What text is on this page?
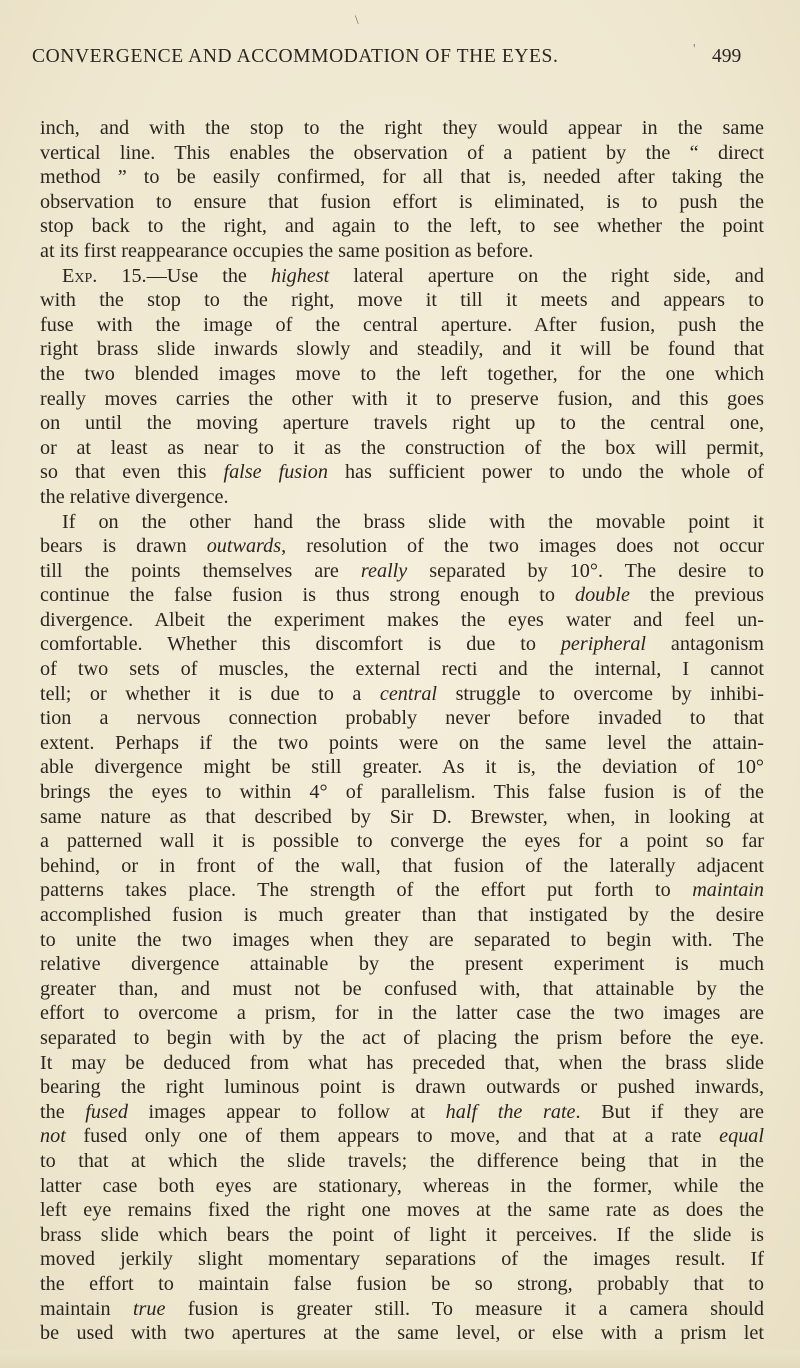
\
CONVERGENCE AND ACCOMMODATION OF THE EYES.	' 499
inch, and with the stop to the right they would appear in the same
vertical line. This enables the observation of a patient by the “ direct
method ” to be easily confirmed, for all that is, needed after taking the
observation to ensure that fusion effort is eliminated, is to push the
stop back to the right, and again to the left, to see whether the point
at its first reappearance occupies the same position as before.
Exp. 15.—Use the highest lateral aperture on the right side, and
with the stop to the right, move it till it meets and appears to
fuse with the image of the central aperture. After fusion, push the
right brass slide inwards slowly and steadily, and it will be found that
the two blended images move to the left together, for the one which
really moves carries the other with it to preserve fusion, and this goes
on until the moving aperture travels right up to the central one,
or at least as near to it as the construction of the box will permit,
so that even this false fusion has sufficient power to undo the whole of
the relative divergence.
If on the other hand the brass slide with the movable point it
bears is drawn outwards, resolution of the two images does not occur
till the points themselves are really separated by 10°. The desire to
continue the false fusion is thus strong enough to double the previous
divergence. Albeit the experiment makes the eyes water and feel un-
comfortable. Whether this discomfort is due to peripheral antagonism
of two sets of muscles, the external recti and the internal, I cannot
tell; or whether it is due to a central struggle to overcome by inhibi-
tion a nervous connection probably never before invaded to that
extent. Perhaps if the two points were on the same level the attain-
able divergence might be still greater. As it is, the deviation of 10°
brings the eyes to within 4° of parallelism. This false fusion is of the
same nature as that described by Sir D. Brewster, when, in looking at
a patterned wall it is possible to converge the eyes for a point so far
behind, or in front of the wall, that fusion of the laterally adjacent
patterns takes place. The strength of the effort put forth to maintain
accomplished fusion is much greater than that instigated by the desire
to unite the two images when they are separated to begin with. The
relative divergence attainable by the present experiment is much
greater than, and must not be confused with, that attainable by the
effort to overcome a prism, for in the latter case the two images are
separated to begin with by the act of placing the prism before the eye.
It may be deduced from what has preceded that, when the brass slide
bearing the right luminous point is drawn outwards or pushed inwards,
the fused images appear to follow at half the rate. But if they are
not fused only one of them appears to move, and that at a rate equal
to that at which the slide travels; the difference being that in the
latter case both eyes are stationary, whereas in the former, while the
left eye remains fixed the right one moves at the same rate as does the
brass slide which bears the point of light it perceives. If the slide is
moved jerkily slight momentary separations of the images result. If
the effort to maintain false fusion be so strong, probably that to
maintain true fusion is greater still. To measure it a camera should
be used with two apertures at the same level, or else with a prism let
